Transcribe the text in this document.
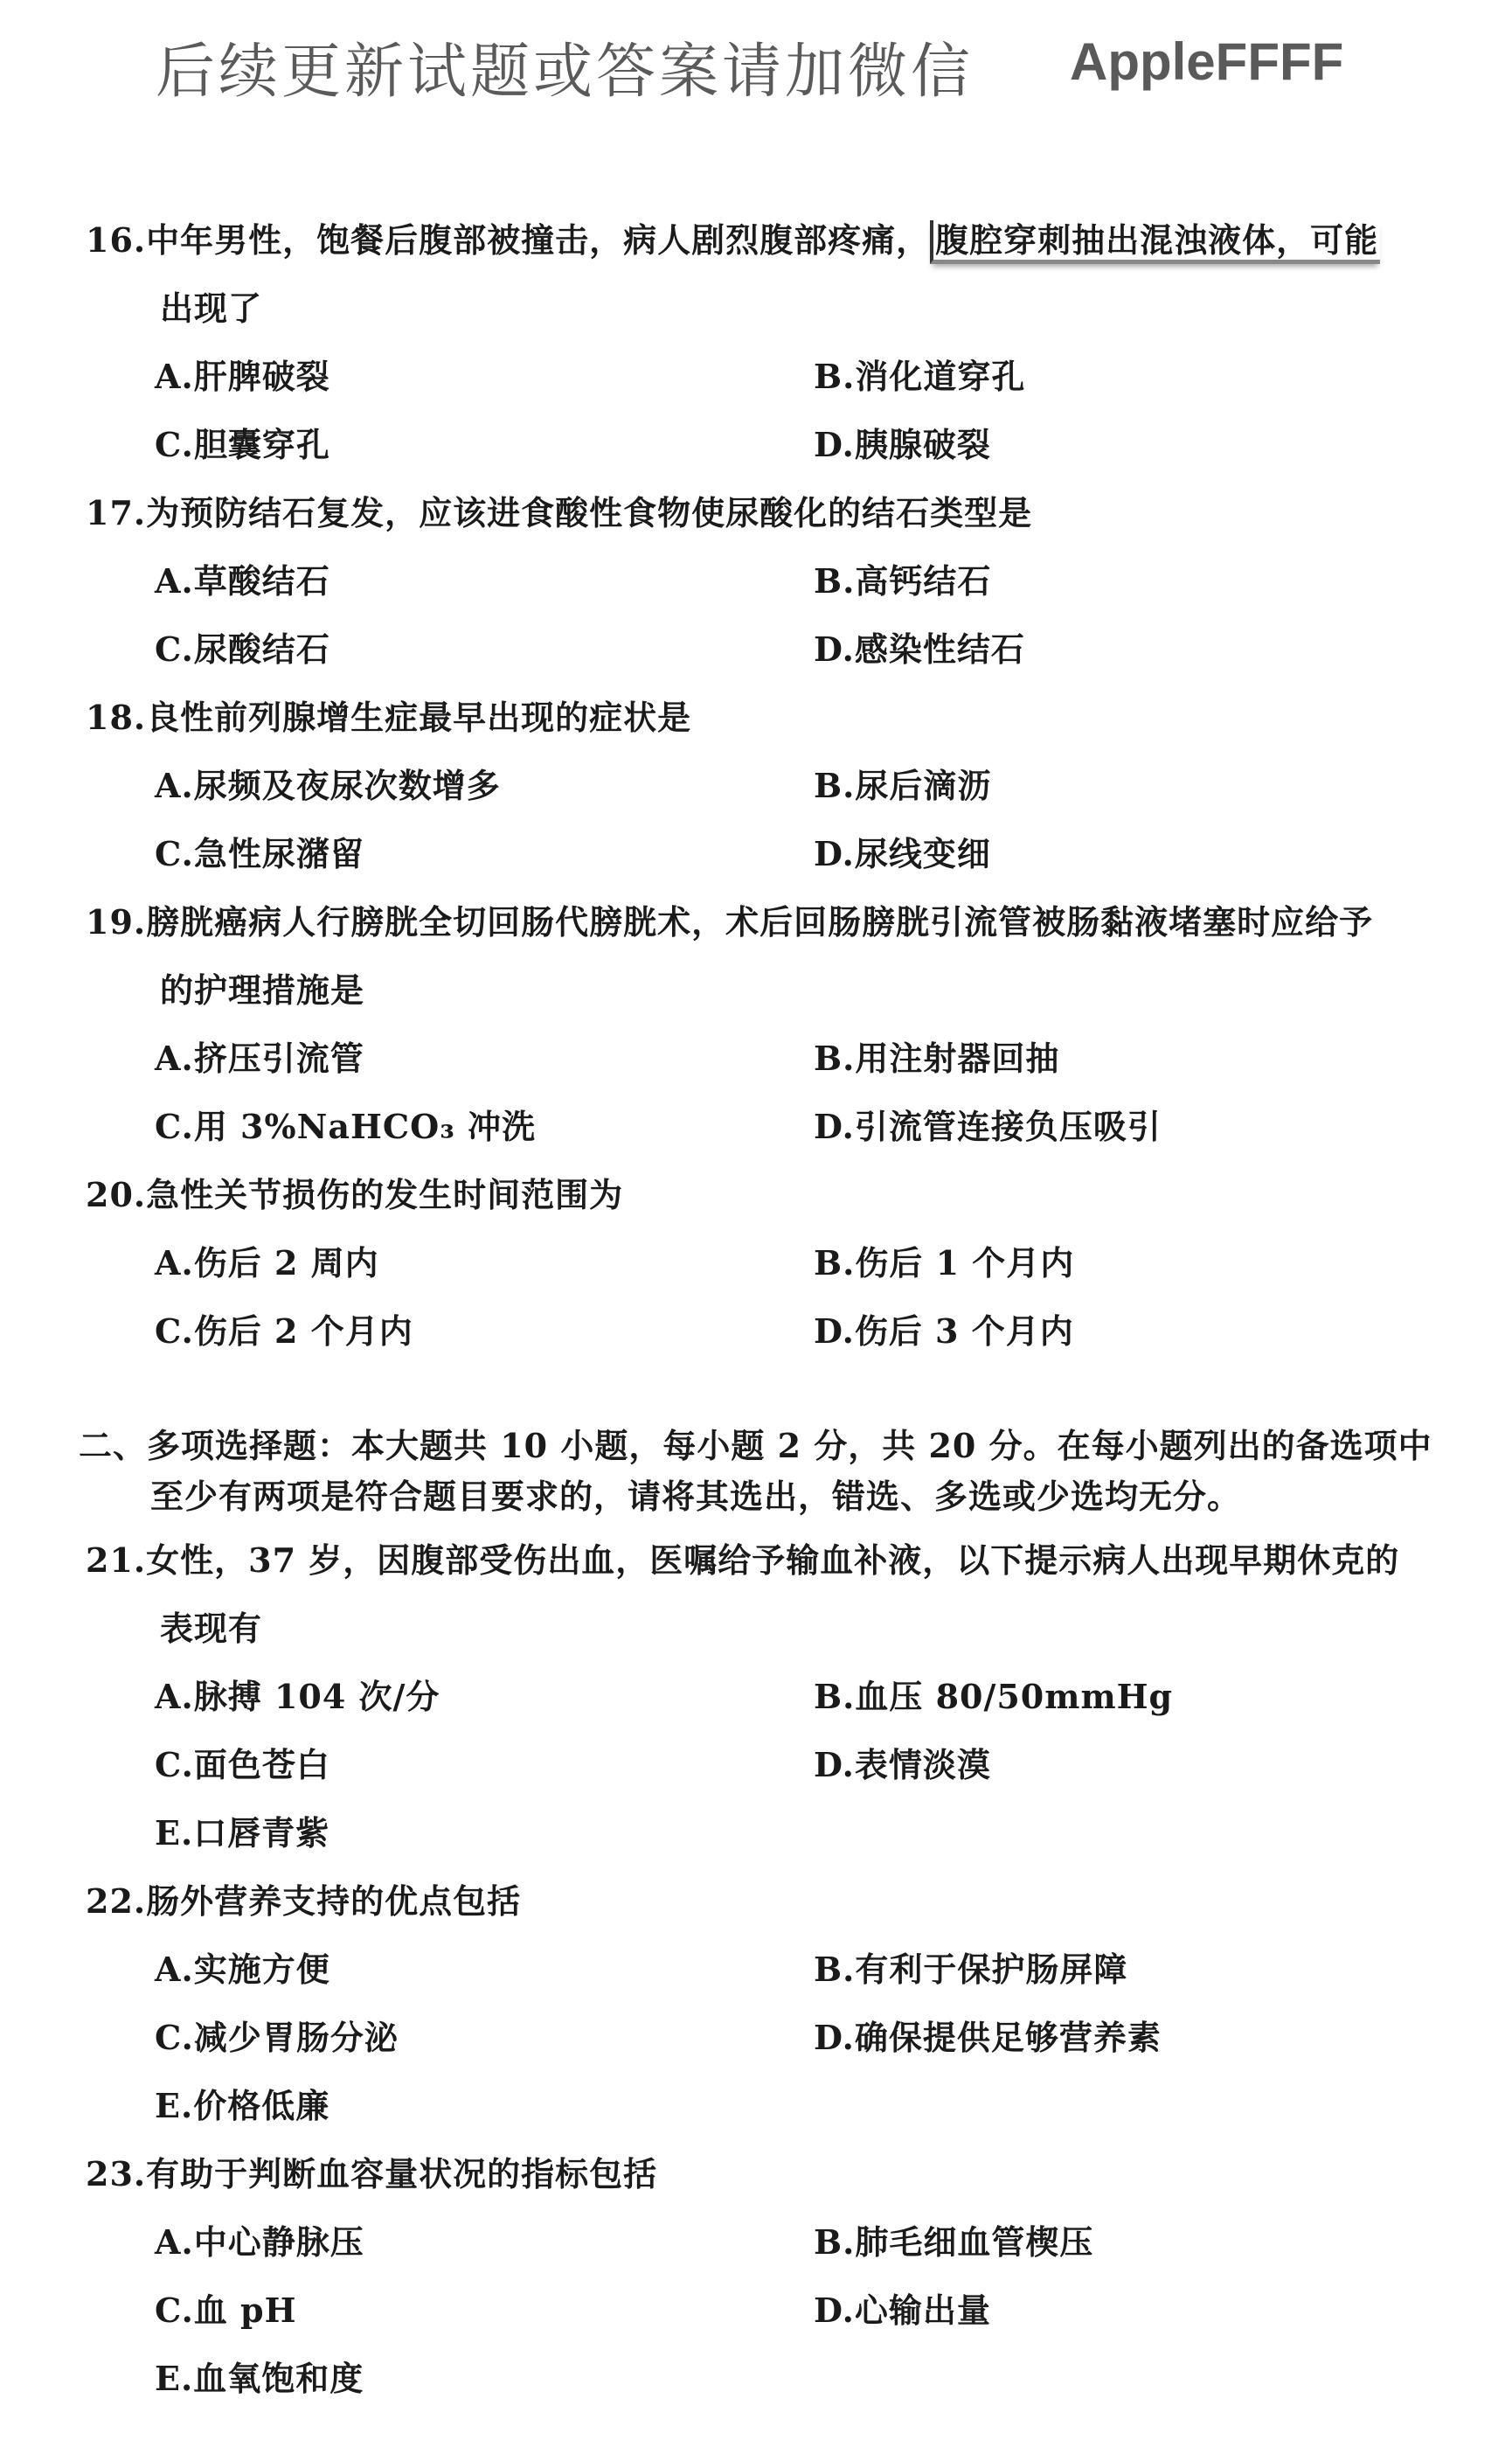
后续更新试题或答案请加微信 AppleFFFF
16.中年男性，饱餐后腹部被撞击，病人剧烈腹部疼痛， 腹腔穿刺抽出混浊液体，可能
出现了
A.肝脾破裂	B.消化道穿孔
C.胆囊穿孔	D.胰腺破裂
17.为预防结石复发，应该进食酸性食物使尿酸化的结石类型是
A.草酸结石	B.高钙结石
C.尿酸结石	D.感染性结石
18.良性前列腺增生症最早出现的症状是
A.尿频及夜尿次数增多	B.尿后滴沥
C.急性尿潴留	D.尿线变细
19.膀胱癌病人行膀胱全切回肠代膀胱术，术后回肠膀胱引流管被肠黏液堵塞时应给予
的护理措施是
A.挤压引流管	B.用注射器回抽
C.用 3%NaHCO₃ 冲洗	D.引流管连接负压吸引
20.急性关节损伤的发生时间范围为
A.伤后 2 周内	B.伤后 1 个月内
C.伤后 2 个月内	D.伤后 3 个月内
二、多项选择题：本大题共 10 小题，每小题 2 分，共 20 分。在每小题列出的备选项中
至少有两项是符合题目要求的，请将其选出，错选、多选或少选均无分。
21.女性，37 岁，因腹部受伤出血，医嘱给予输血补液，以下提示病人出现早期休克的
表现有
A.脉搏 104 次/分	B.血压 80/50mmHg
C.面色苍白	D.表情淡漠
E.口唇青紫
22.肠外营养支持的优点包括
A.实施方便	B.有利于保护肠屏障
C.减少胃肠分泌	D.确保提供足够营养素
E.价格低廉
23.有助于判断血容量状况的指标包括
A.中心静脉压	B.肺毛细血管楔压
C.血 pH	D.心输出量
E.血氧饱和度
